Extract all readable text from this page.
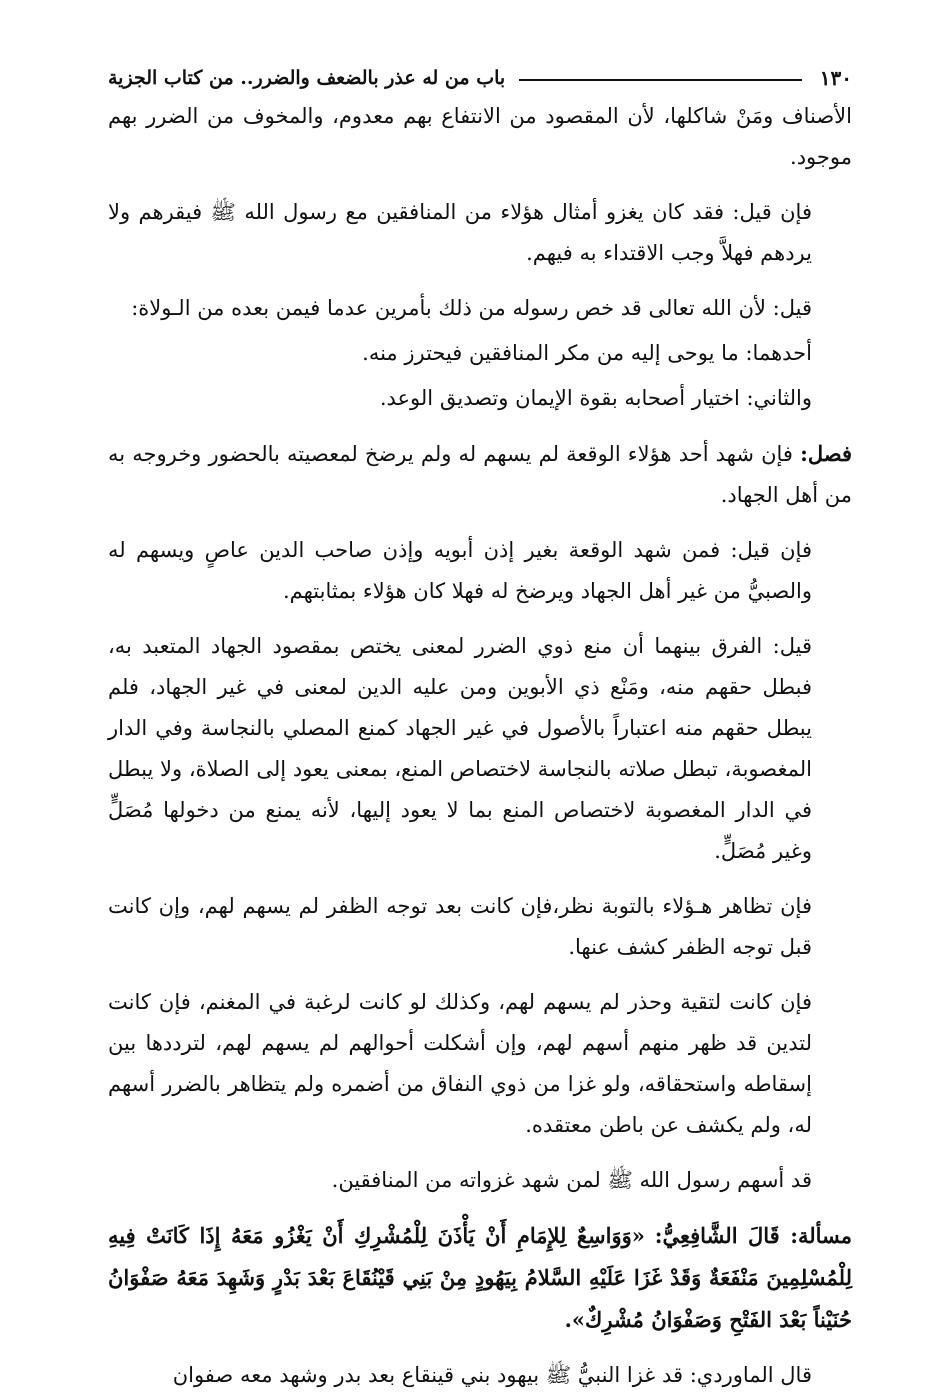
١٣٠
باب من له عذر بالضعف والضرر.. من كتاب الجزية

الأصناف ومَنْ شاكلها، لأن المقصود من الانتفاع بهم معدوم، والمخوف من الضرر بهم موجود.

فإن قيل: فقد كان يغزو أمثال هؤلاء من المنافقين مع رسول الله ﷺ فيقرهم ولا يردهم فهلاَّ وجب الاقتداء به فيهم.

قيل: لأن الله تعالى قد خص رسوله من ذلك بأمرين عدما فيمن بعده من الـولاة:

أحدهما: ما يوحى إليه من مكر المنافقين فيحترز منه.

والثاني: اختيار أصحابه بقوة الإيمان وتصديق الوعد.

فصل: فإن شهد أحد هؤلاء الوقعة لم يسهم له ولم يرضخ لمعصيته بالحضور وخروجه به من أهل الجهاد.

فإن قيل: فمن شهد الوقعة بغير إذن أبويه وإذن صاحب الدين عاصٍ ويسهم له والصبيُّ من غير أهل الجهاد ويرضخ له فهلا كان هؤلاء بمثابتهم.

قيل: الفرق بينهما أن منع ذوي الضرر لمعنى يختص بمقصود الجهاد المتعبد به، فبطل حقهم منه، ومَنْع ذي الأبوين ومن عليه الدين لمعنى في غير الجهاد، فلم يبطل حقهم منه اعتباراً بالأصول في غير الجهاد كمنع المصلي بالنجاسة وفي الدار المغصوبة، تبطل صلاته بالنجاسة لاختصاص المنع، بمعنى يعود إلى الصلاة، ولا يبطل في الدار المغصوبة لاختصاص المنع بما لا يعود إليها، لأنه يمنع من دخولها مُصَلٍّ وغير مُصَلٍّ.

فإن تظاهر هـؤلاء بالتوبة نظر،فإن كانت بعد توجه الظفر لم يسهم لهم، وإن كانت قبل توجه الظفر كشف عنها.

فإن كانت لتقية وحذر لم يسهم لهم، وكذلك لو كانت لرغبة في المغنم، فإن كانت لتدين قد ظهر منهم أسهم لهم، وإن أشكلت أحوالهم لم يسهم لهم، لترددها بين إسقاطه واستحقاقه، ولو غزا من ذوي النفاق من أضمره ولم يتظاهر بالضرر أسهم له، ولم يكشف عن باطن معتقده.

قد أسهم رسول الله ﷺ لمن شهد غزواته من المنافقين.

مسألة: قَالَ الشَّافِعِيُّ: «وَوَاسِعٌ لِلإِمَامِ أَنْ يَأْذَنَ لِلْمُشْرِكِ أَنْ يَغْزُو مَعَهُ إِذَا كَانَتْ فِيهِ لِلْمُسْلِمِينَ مَنْفَعَةٌ وَقَدْ غَزَا عَلَيْهِ السَّلامُ بِيَهُودٍ مِنْ بَنِي قَيْنُقَاعَ بَعْدَ بَدْرٍ وَشَهِدَ مَعَهُ صَفْوَانُ حُنَيْناً بَعْدَ الفَتْحِ وَصَفْوَانُ مُشْرِكٌ».

قال الماوردي: قد غزا النبيُّ ﷺ بيهود بني قينقاع بعد بدر وشهد معه صفوان
